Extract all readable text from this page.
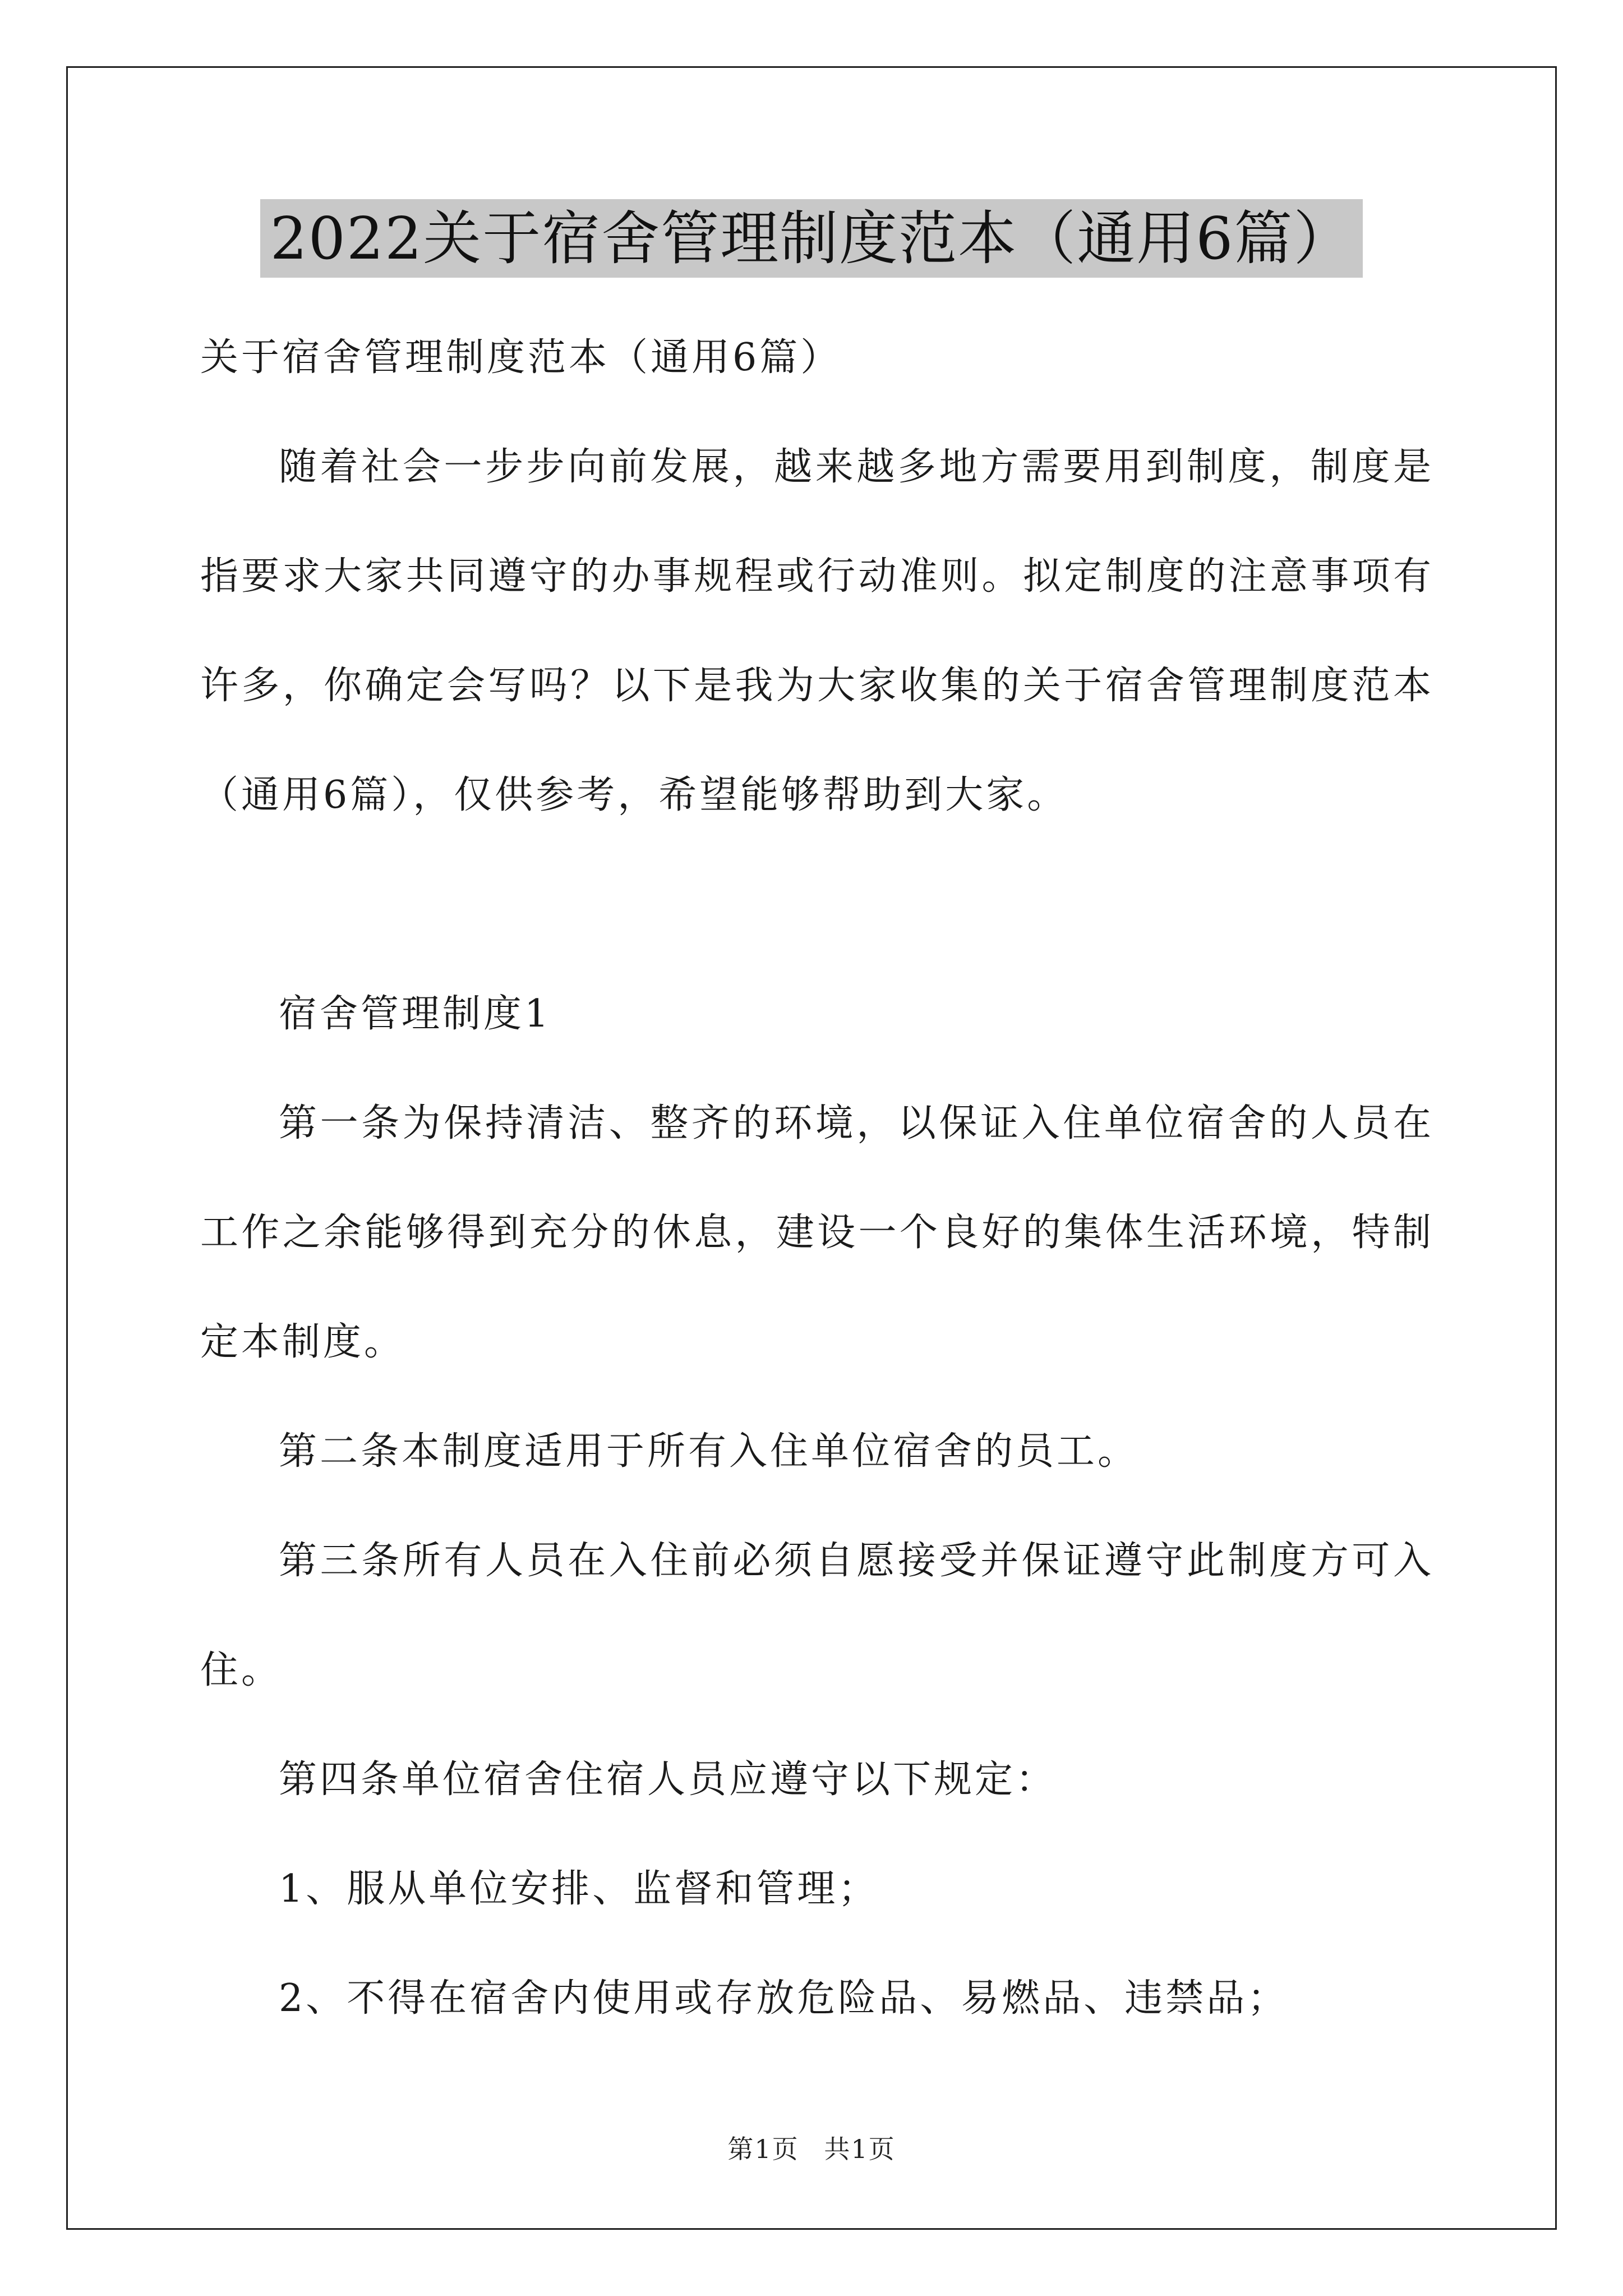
2022关于宿舍管理制度范本（通用6篇）
关于宿舍管理制度范本（通用6篇）

随着社会一步步向前发展，越来越多地方需要用到制度，制度是指要求大家共同遵守的办事规程或行动准则。拟定制度的注意事项有许多，你确定会写吗？以下是我为大家收集的关于宿舍管理制度范本（通用6篇），仅供参考，希望能够帮助到大家。

宿舍管理制度1

第一条为保持清洁、整齐的环境，以保证入住单位宿舍的人员在工作之余能够得到充分的休息，建设一个良好的集体生活环境，特制定本制度。

第二条本制度适用于所有入住单位宿舍的员工。

第三条所有人员在入住前必须自愿接受并保证遵守此制度方可入住。

第四条单位宿舍住宿人员应遵守以下规定：

1、服从单位安排、监督和管理；

2、不得在宿舍内使用或存放危险品、易燃品、违禁品；

第1页 共1页
